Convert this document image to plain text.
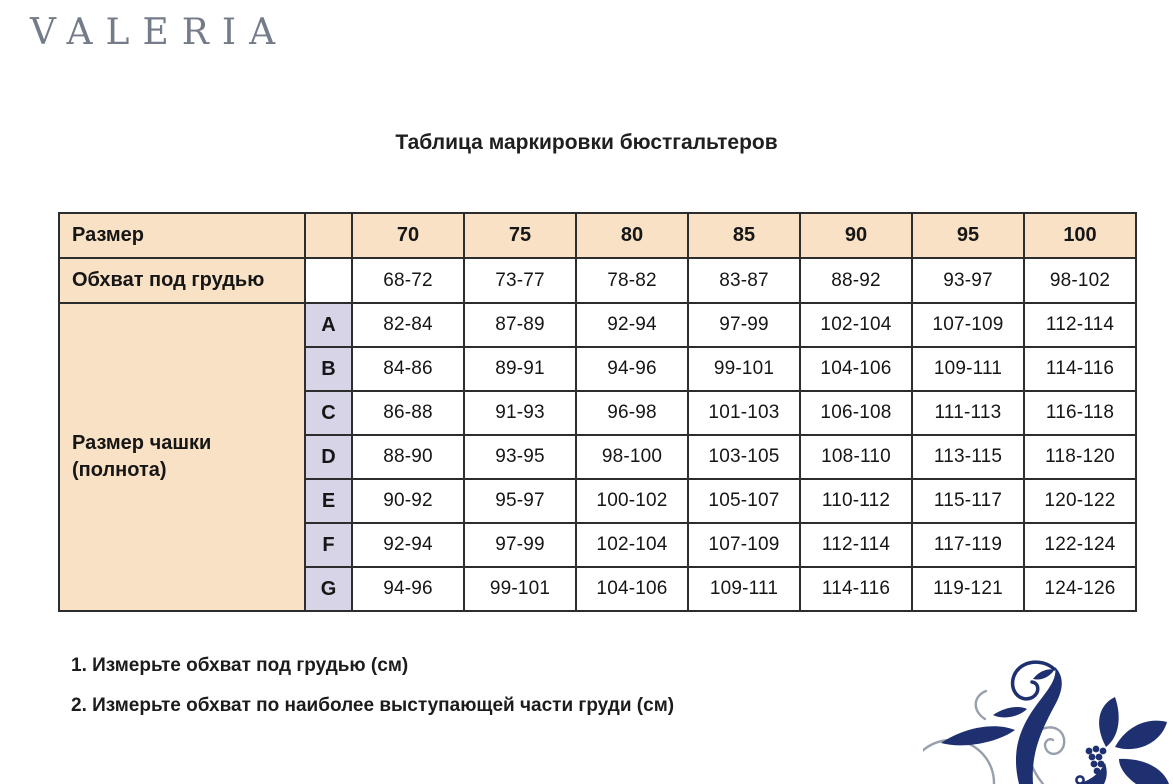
VALERIA
Таблица маркировки бюстгальтеров
Размер		70	75	80	85	90	95	100
Обхват под грудью		68-72	73-77	78-82	83-87	88-92	93-97	98-102
Размер чашки (полнота)	A	82-84	87-89	92-94	97-99	102-104	107-109	112-114
	B	84-86	89-91	94-96	99-101	104-106	109-111	114-116
	C	86-88	91-93	96-98	101-103	106-108	111-113	116-118
	D	88-90	93-95	98-100	103-105	108-110	113-115	118-120
	E	90-92	95-97	100-102	105-107	110-112	115-117	120-122
	F	92-94	97-99	102-104	107-109	112-114	117-119	122-124
	G	94-96	99-101	104-106	109-111	114-116	119-121	124-126

1. Измерьте обхват под грудью (см)

2. Измерьте обхват по наиболее выступающей части груди (см)
